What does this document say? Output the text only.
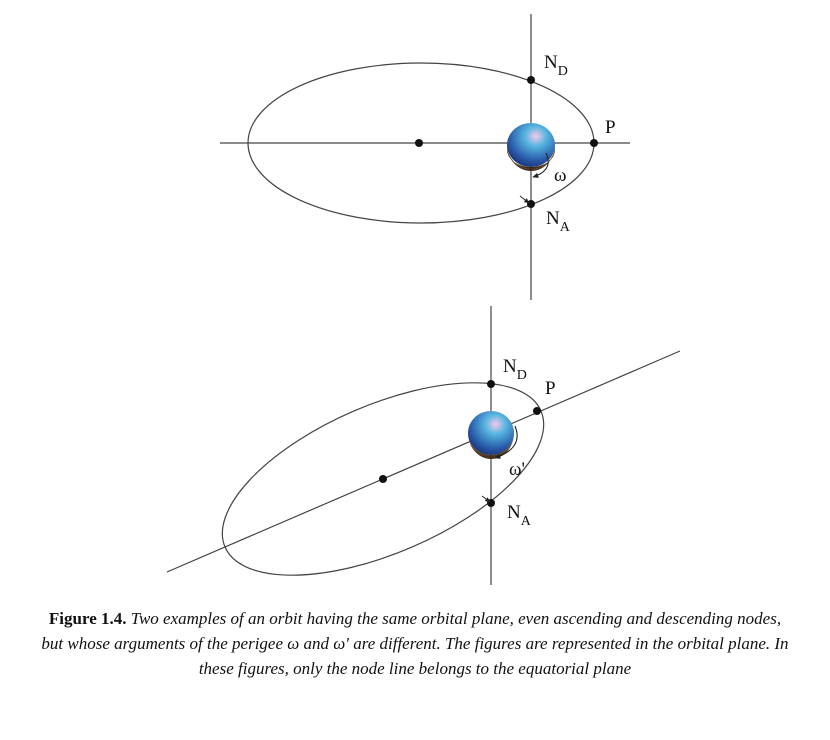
$N_D$
$N_A$
P
ω
$N_D$
$N_A$
P
ω'
Figure 1.4. Two examples of an orbit having the same orbital plane, even ascending and descending nodes, but whose arguments of the perigee ω and ω′ are different. The figures are represented in the orbital plane. In these figures, only the node line belongs to the equatorial plane
